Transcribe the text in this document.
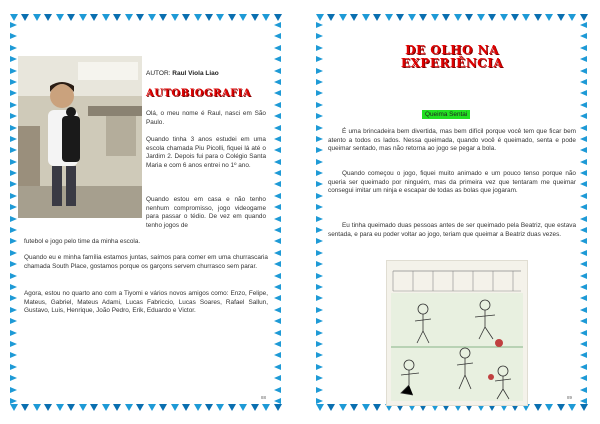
AUTOR: Raul Viola Liao
AUTOBIOGRAFIA

Olá, o meu nome é Raul, nasci em São Paulo.

Quando tinha 3 anos estudei em uma escola chamada Piu Picolli, fiquei lá até o Jardim 2. Depois fui para o Colégio Santa Maria e com 6 anos entrei no 1º ano.

Quando estou em casa e não tenho nenhum compromisso, jogo videogame para passar o tédio. De vez em quando tenho jogos de

futebol e jogo pelo time da minha escola.

Quando eu e minha família estamos juntas, saímos para comer em uma churrascaria chamada South Place, gostamos porque os garçons servem churrasco sem parar.

Agora, estou no quarto ano com a Tiyomi e vários novos amigos como: Enzo, Felipe, Mateus, Gabriel, Mateus Adami, Lucas Fabriccio, Lucas Soares, Rafael Sallun, Gustavo, Luis, Henrique, João Pedro, Erik, Eduardo e Victor.

88
DE OLHO NA
EXPERIÊNCIA
Queima Sentai

É uma brincadeira bem divertida, mas bem difícil porque você tem que ficar bem atento a todos os lados. Nessa queimada, quando você é queimado, senta e pode queimar sentado, mas não retorna ao jogo se pegar a bola.

Quando começou o jogo, fiquei muito animado e um pouco tenso porque não queria ser queimado por ninguém, mas da primeira vez que tentaram me queimar consegui imitar um ninja e escapar de todas as bolas que jogaram.

Eu tinha queimado duas pessoas antes de ser queimado pela Beatriz, que estava sentada, e para eu poder voltar ao jogo, teriam que queimar a Beatriz duas vezes.

89
